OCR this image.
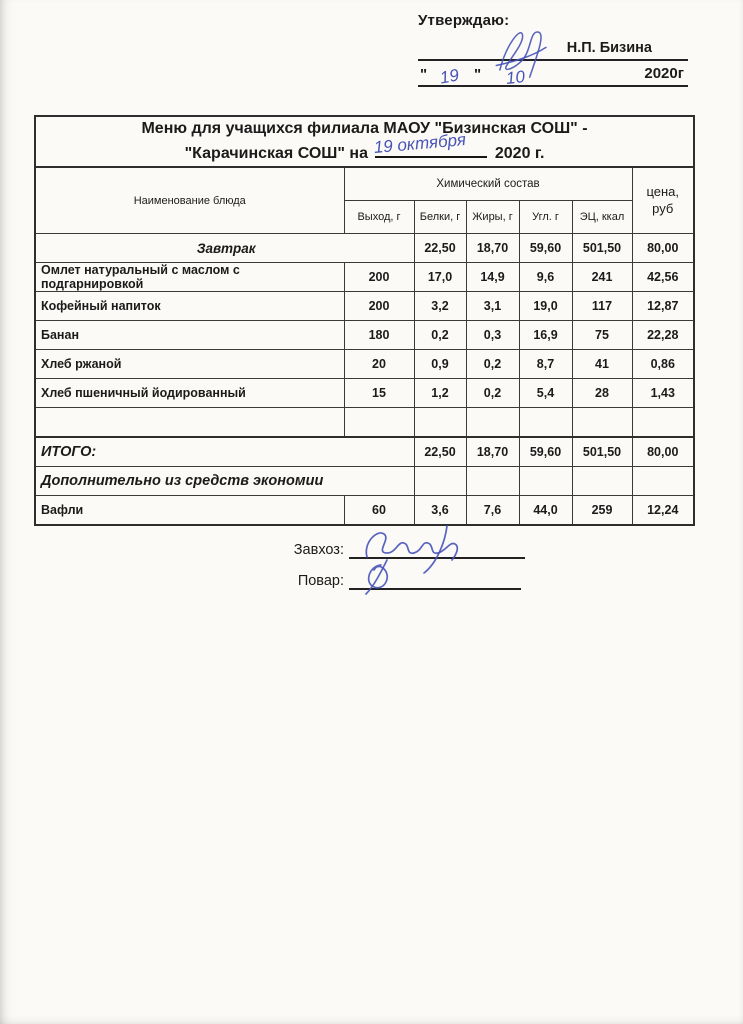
Утверждаю:
Н.П. Бизина
" 19 " 10	2020г
Меню для учащихся филиала МАОУ "Бизинская СОШ" -
"Карачинская СОШ" на 19 октября 2020 г.						

Наименование блюда	Химический состав					цена, руб
	Выход, г	Белки, г	Жиры, г	Угл. г	ЭЦ, ккал	
Завтрак		22,50	18,70	59,60	501,50	80,00
Омлет натуральный с маслом с подгарнировкой	200	17,0	14,9	9,6	241	42,56
Кофейный напиток	200	3,2	3,1	19,0	117	12,87
Банан	180	0,2	0,3	16,9	75	22,28
Хлеб ржаной	20	0,9	0,2	8,7	41	0,86
Хлеб пшеничный йодированный	15	1,2	0,2	5,4	28	1,43

ИТОГО:		22,50	18,70	59,60	501,50	80,00
Дополнительно из средств экономии						
Вафли	60	3,6	7,6	44,0	259	12,24
Завхоз:
Повар:
